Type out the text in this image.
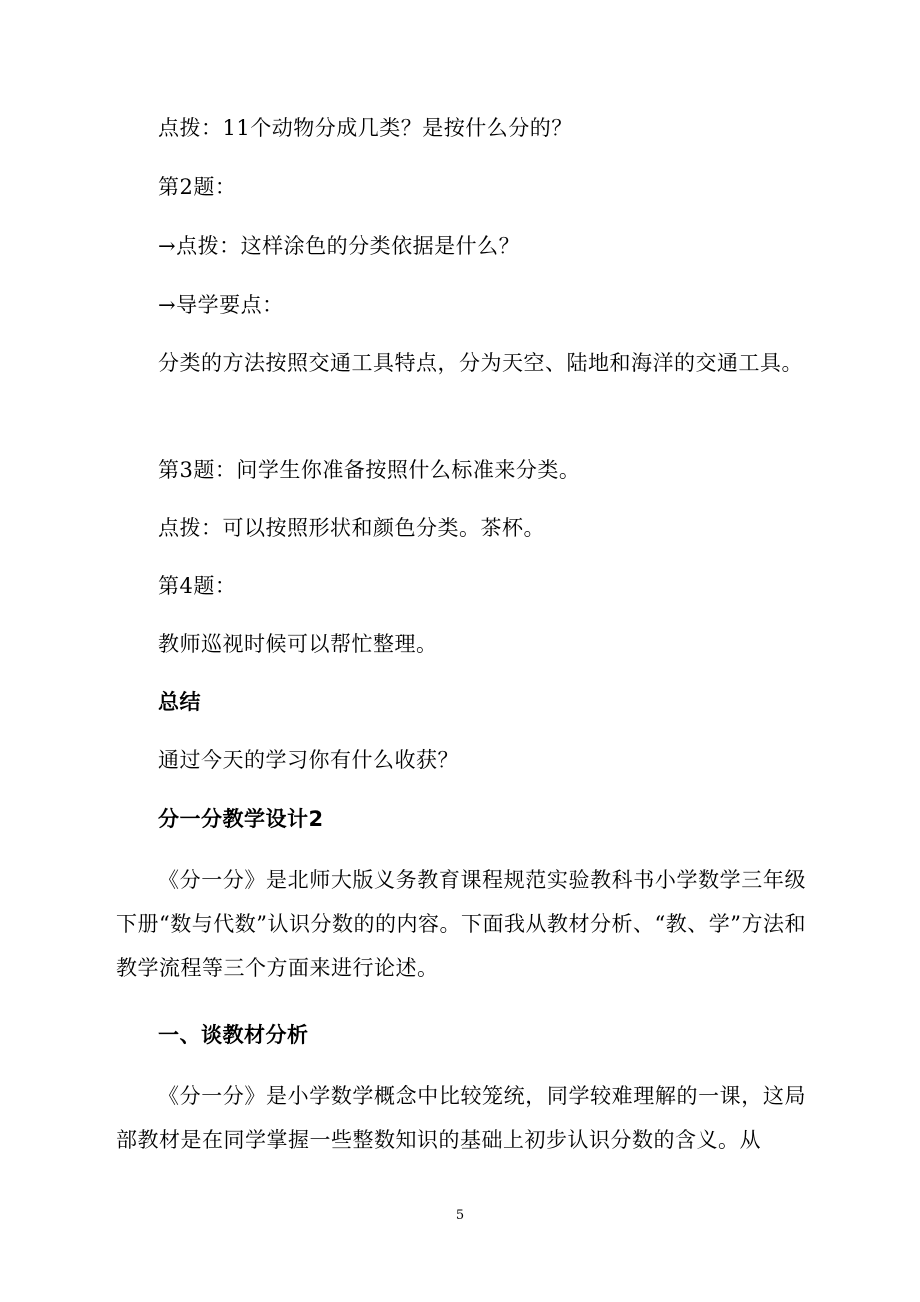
点拨：11个动物分成几类？是按什么分的？
第2题：
→点拨：这样涂色的分类依据是什么？
→导学要点：
分类的方法按照交通工具特点，分为天空、陆地和海洋的交通工具。
第3题：问学生你准备按照什么标准来分类。
点拨：可以按照形状和颜色分类。茶杯。
第4题：
教师巡视时候可以帮忙整理。
总结
通过今天的学习你有什么收获？
分一分教学设计2
《分一分》是北师大版义务教育课程规范实验教科书小学数学三年级下册“数与代数”认识分数的的内容。下面我从教材分析、“教、学”方法和教学流程等三个方面来进行论述。
一、谈教材分析
《分一分》是小学数学概念中比较笼统，同学较难理解的一课，这局部教材是在同学掌握一些整数知识的基础上初步认识分数的含义。从
5
